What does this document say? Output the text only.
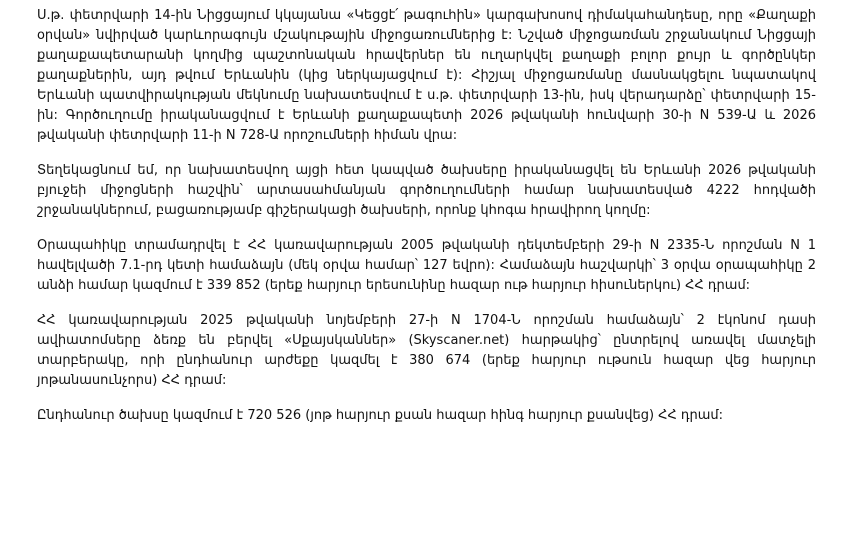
Ս.թ. փետրվարի 14-ին Նիցցայում կկայանա «Կեցցէ՛ թագուհին» կարգախոսով դիմակահանդեսը, որը «Քաղաքի օրվան» նվիրված կարևորագույն մշակութային միջոցառումներից է: Նշված միջոցառման շրջանակում Նիցցայի քաղաքապետարանի կողմից պաշտոնական հրավերներ են ուղարկվել քաղաքի բոլոր քույր և գործընկեր քաղաքներին, այդ թվում Երևանին (կից ներկայացվում է): Հիշյալ միջոցառմանը մասնակցելու նպատակով Երևանի պատվիրակության մեկնումը նախատեսվում է ս.թ. փետրվարի 13-ին, իսկ վերադարձը՝ փետրվարի 15-ին: Գործուղումը իրականացվում է Երևանի քաղաքապետի 2026 թվականի հունվարի 30-ի N 539-Ա և 2026 թվականի փետրվարի 11-ի N 728-Ա որոշումների հիման վրա:

Տեղեկացնում եմ, որ նախատեսվող այցի հետ կապված ծախսերը իրականացվել են Երևանի 2026 թվականի բյուջեի միջոցների հաշվին՝ արտասահմանյան գործուղումների համար նախատեսված 4222 հոդվածի շրջանակներում, բացառությամբ գիշերակացի ծախսերի, որոնք կհոգա հրավիրող կողմը:

Օրապահիկը տրամադրվել է ՀՀ կառավարության 2005 թվականի դեկտեմբերի 29-ի N 2335-Ն որոշման N 1 հավելվածի 7.1-րդ կետի համաձայն (մեկ օրվա համար՝ 127 եվրո): Համաձայն հաշվարկի՝ 3 օրվա օրապահիկը 2 անձի համար կազմում է 339 852 (երեք հարյուր երեսունինը հազար ութ հարյուր հիսուներկու) ՀՀ դրամ:

ՀՀ կառավարության 2025 թվականի նոյեմբերի 27-ի N 1704-Ն որոշման համաձայն՝ 2 էկոնոմ դասի ավիատոմսերը ձեռք են բերվել «Սքայսկաններ» (Skyscaner.net) հարթակից՝ ընտրելով առավել մատչելի տարբերակը, որի ընդհանուր արժեքը կազմել է 380 674 (երեք հարյուր ութսուն հազար վեց հարյուր յոթանասունչորս) ՀՀ դրամ:

Ընդհանուր ծախսը կազմում է 720 526 (յոթ հարյուր քսան հազար հինգ հարյուր քսանվեց) ՀՀ դրամ:
